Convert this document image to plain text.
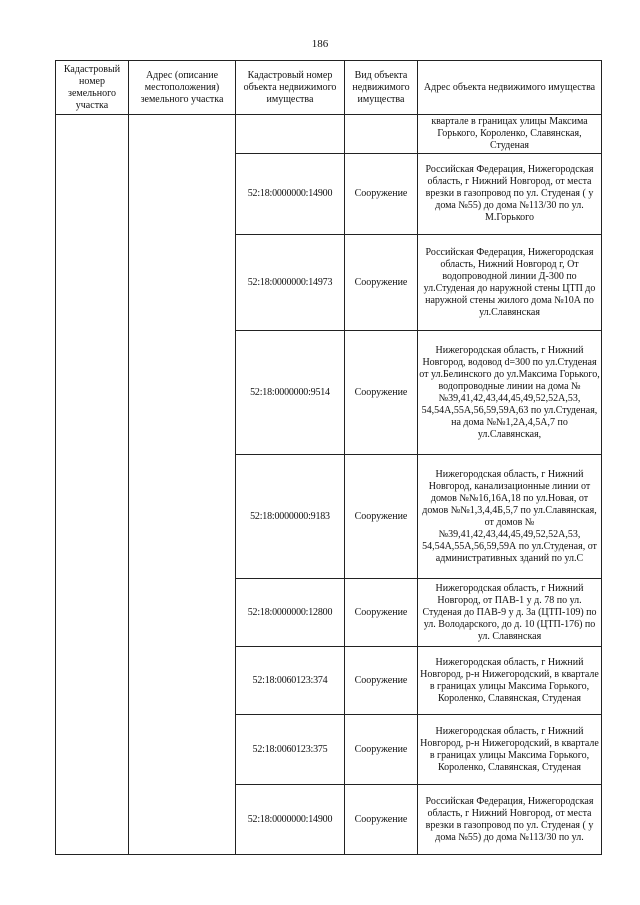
186
Кадастровый номер земельного участка	Адрес (описание местоположения) земельного участка	Кадастровый номер объекта недвижимого имущества	Вид объекта недвижимого имущества	Адрес объекта недвижимого имущества
				квартале в границах улицы Максима Горького, Короленко, Славянская, Студеная
		52:18:0000000:14900	Сооружение	Российская Федерация, Нижегородская область, г Нижний Новгород, от места врезки в газопровод по ул. Студеная ( у дома №55) до дома №113/30 по ул. М.Горького
		52:18:0000000:14973	Сооружение	Российская Федерация, Нижегородская область, Нижний Новгород г, От водопроводной линии Д-300 по ул.Студеная до наружной стены ЦТП до наружной стены жилого дома №10А по ул.Славянская
		52:18:0000000:9514	Сооружение	Нижегородская область, г Нижний Новгород, водовод d=300 по ул.Студеная от ул.Белинского до ул.Максима Горького, водопроводные линии на дома №№39,41,42,43,44,45,49,52,52А,53, 54,54А,55А,56,59,59А,63 по ул.Студеная, на дома №№1,2А,4,5А,7 по ул.Славянская,
		52:18:0000000:9183	Сооружение	Нижегородская область, г Нижний Новгород, канализационные линии от домов №№16,16А,18 по ул.Новая, от домов №№1,3,4,4Б,5,7 по ул.Славянская, от домов №№39,41,42,43,44,45,49,52,52А,53, 54,54А,55А,56,59,59А по ул.Студеная, от административных зданий по ул.С
		52:18:0000000:12800	Сооружение	Нижегородская область, г Нижний Новгород, от ПАВ-1 у д. 78 по ул. Студеная до ПАВ-9 у д. 3а (ЦТП-109) по ул. Володарского, до д. 10 (ЦТП-176) по ул. Славянская
		52:18:0060123:374	Сооружение	Нижегородская область, г Нижний Новгород, р-н Нижегородский, в квартале в границах улицы Максима Горького, Короленко, Славянская, Студеная
		52:18:0060123:375	Сооружение	Нижегородская область, г Нижний Новгород, р-н Нижегородский, в квартале в границах улицы Максима Горького, Короленко, Славянская, Студеная
		52:18:0000000:14900	Сооружение	Российская Федерация, Нижегородская область, г Нижний Новгород, от места врезки в газопровод по ул. Студеная ( у дома №55) до дома №113/30 по ул.
